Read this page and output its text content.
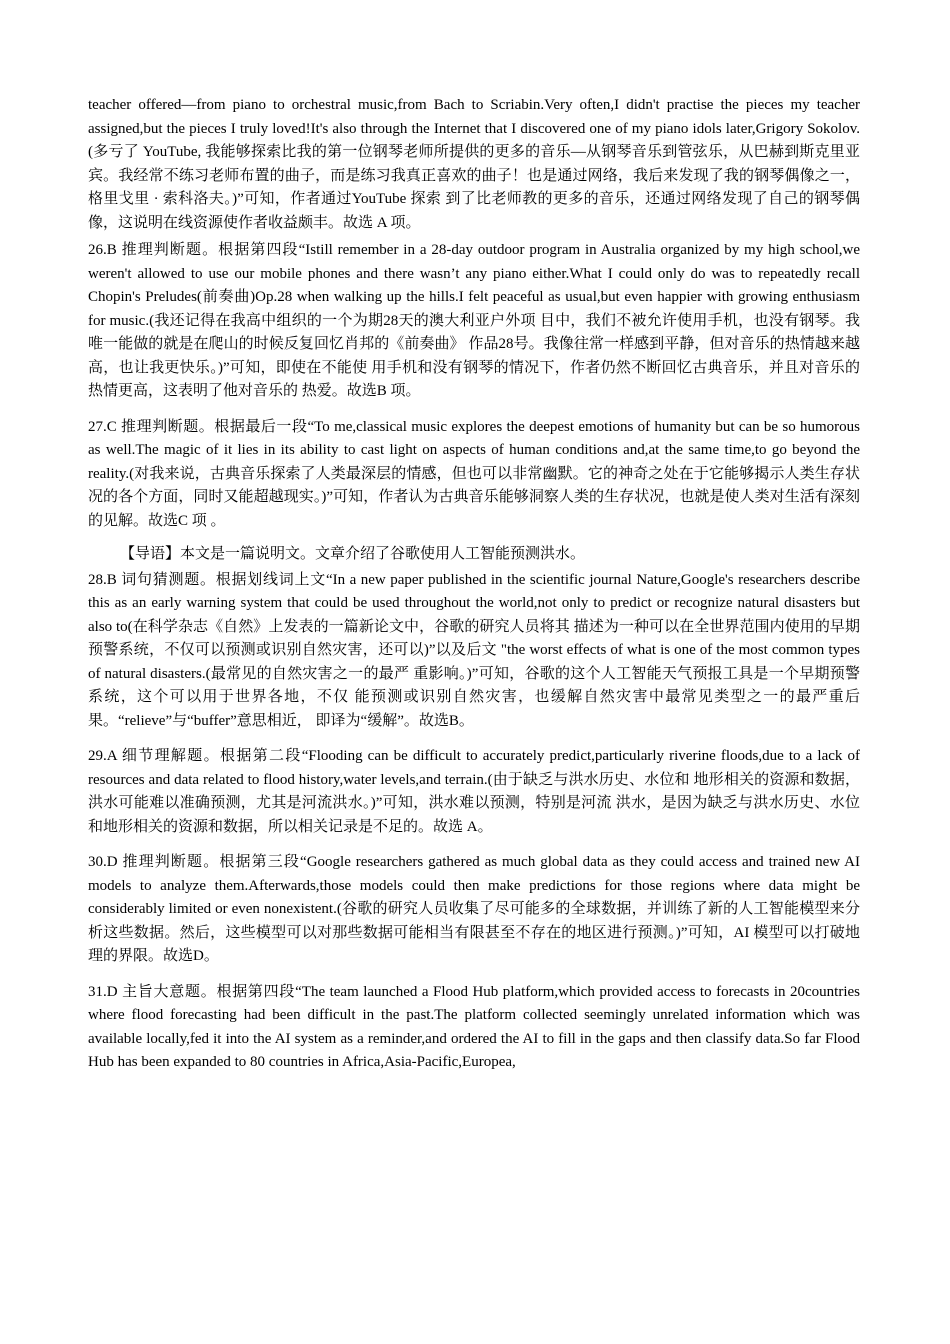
teacher offered—from piano to orchestral music,from Bach to Scriabin.Very often,I didn't practise the pieces my teacher assigned,but the pieces I truly loved!It's also through the Internet that I discovered one of my piano idols later,Grigory Sokolov.(多亏了 YouTube, 我能够探索比我的第一位钢琴老师所提供的更多的音乐—从钢琴音乐到管弦乐，从巴赫到斯克里亚宾。我经常不练习老师布置的曲子，而是练习我真正喜欢的曲子！也是通过网络，我后来发现了我的钢琴偶像之一，格里戈里 · 索科洛夫。)”可知，作者通过YouTube 探索 到了比老师教的更多的音乐，还通过网络发现了自己的钢琴偶像，这说明在线资源使作者收益颇丰。故选 A 项。

26.B 推理判断题。根据第四段“Istill remember in a 28-day outdoor program in Australia organized by my high school,we weren't allowed to use our mobile phones and there wasn’t any piano either.What I could only do was to repeatedly recall Chopin's Preludes(前奏曲)Op.28 when walking up the hills.I felt peaceful as usual,but even happier with growing enthusiasm for music.(我还记得在我高中组织的一个为期28天的澳大利亚户外项 目中，我们不被允许使用手机，也没有钢琴。我唯一能做的就是在爬山的时候反复回忆肖邦的《前奏曲》 作品28号。我像往常一样感到平静，但对音乐的热情越来越高，也让我更快乐。)”可知，即使在不能使 用手机和没有钢琴的情况下，作者仍然不断回忆古典音乐，并且对音乐的热情更高，这表明了他对音乐的 热爱。故选B 项。

27.C 推理判断题。根据最后一段“To me,classical music explores the deepest emotions of humanity but can be so humorous as well.The magic of it lies in its ability to cast light on aspects of human conditions and,at the same time,to go beyond the reality.(对我来说，古典音乐探索了人类最深层的情感，但也可以非常幽默。它的神奇之处在于它能够揭示人类生存状况的各个方面，同时又能超越现实。)”可知，作者认为古典音乐能够洞察人类的生存状况，也就是使人类对生活有深刻的见解。故选C 项 。

【导语】本文是一篇说明文。文章介绍了谷歌使用人工智能预测洪水。

28.B 词句猜测题。根据划线词上文“In a new paper published in the scientific journal Nature,Google's researchers describe this as an early warning system that could be used throughout the world,not only to predict or recognize natural disasters but also to(在科学杂志《自然》上发表的一篇新论文中，谷歌的研究人员将其 描述为一种可以在全世界范围内使用的早期预警系统，不仅可以预测或识别自然灾害，还可以)”以及后文 "the worst effects of what is one of the most common types of natural disasters.(最常见的自然灾害之一的最严 重影响。)”可知，谷歌的这个人工智能天气预报工具是一个早期预警系统，这个可以用于世界各地，不仅 能预测或识别自然灾害，也缓解自然灾害中最常见类型之一的最严重后果。“relieve”与“buffer”意思相近， 即译为“缓解”。故选B。

29.A 细节理解题。根据第二段“Flooding can be difficult to accurately predict,particularly riverine floods,due to a lack of resources and data related to flood history,water levels,and terrain.(由于缺乏与洪水历史、水位和 地形相关的资源和数据，洪水可能难以准确预测，尤其是河流洪水。)”可知，洪水难以预测，特别是河流 洪水，是因为缺乏与洪水历史、水位和地形相关的资源和数据，所以相关记录是不足的。故选 A。

30.D 推理判断题。根据第三段“Google researchers gathered as much global data as they could access and trained new AI models to analyze them.Afterwards,those models could then make predictions for those regions where data might be considerably limited or even nonexistent.(谷歌的研究人员收集了尽可能多的全球数据，并训练了新的人工智能模型来分析这些数据。然后，这些模型可以对那些数据可能相当有限甚至不存在的地区进行预测。)”可知，AI 模型可以打破地理的界限。故选D。

31.D 主旨大意题。根据第四段“The team launched a Flood Hub platform,which provided access to forecasts in 20countries where flood forecasting had been difficult in the past.The platform collected seemingly unrelated information which was available locally,fed it into the AI system as a reminder,and ordered the AI to fill in the gaps and then classify data.So far Flood Hub has been expanded to 80 countries in Africa,Asia-Pacific,Europea,
